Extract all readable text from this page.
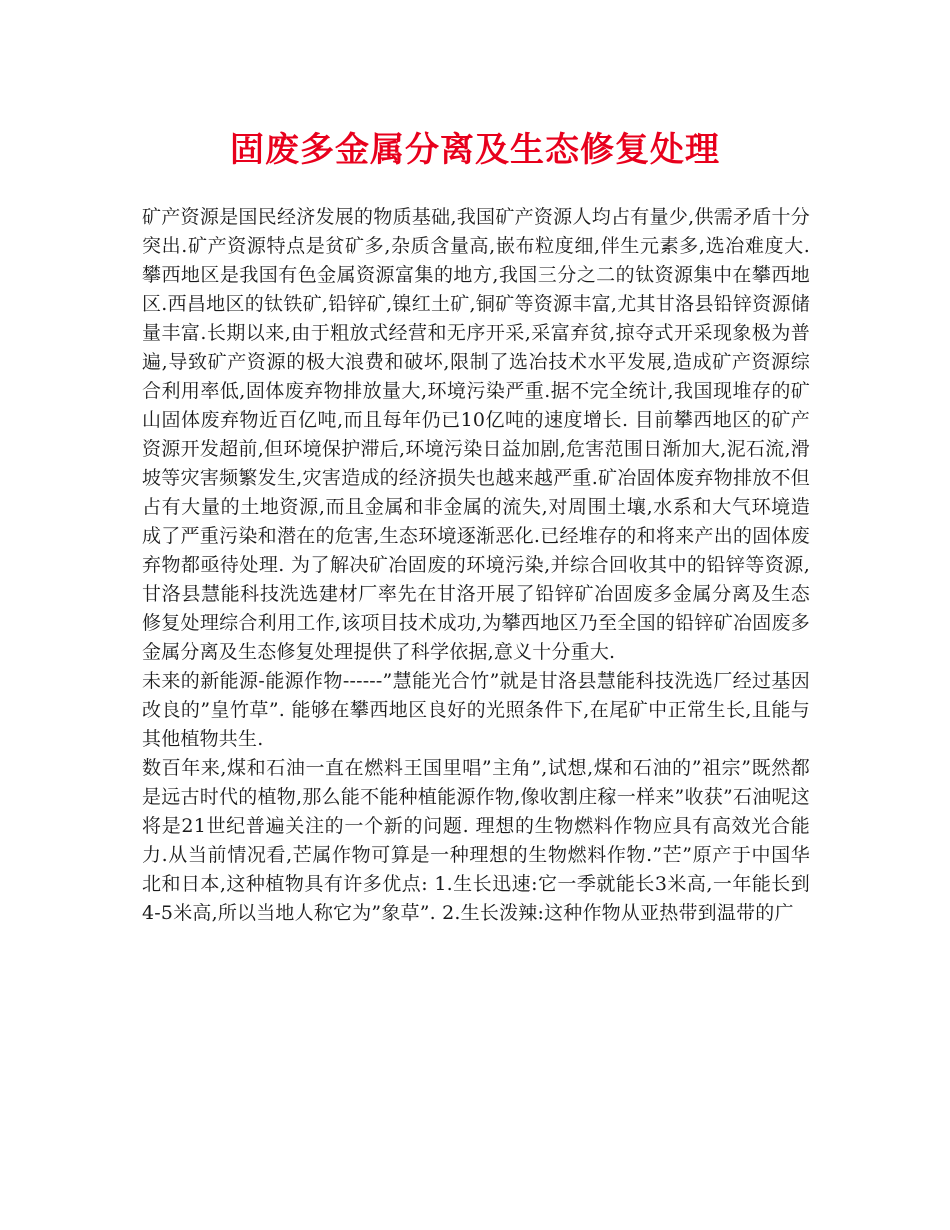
固废多金属分离及生态修复处理

矿产资源是国民经济发展的物质基础,我国矿产资源人均占有量少,供需矛盾十分突出.矿产资源特点是贫矿多,杂质含量高,嵌布粒度细,伴生元素多,选冶难度大. 攀西地区是我国有色金属资源富集的地方,我国三分之二的钛资源集中在攀西地区.西昌地区的钛铁矿,铅锌矿,镍红土矿,铜矿等资源丰富,尤其甘洛县铅锌资源储量丰富.长期以来,由于粗放式经营和无序开采,采富弃贫,掠夺式开采现象极为普遍,导致矿产资源的极大浪费和破坏,限制了选冶技术水平发展,造成矿产资源综合利用率低,固体废弃物排放量大,环境污染严重.据不完全统计,我国现堆存的矿山固体废弃物近百亿吨,而且每年仍已10亿吨的速度增长. 目前攀西地区的矿产资源开发超前,但环境保护滞后,环境污染日益加剧,危害范围日渐加大,泥石流,滑坡等灾害频繁发生,灾害造成的经济损失也越来越严重.矿冶固体废弃物排放不但占有大量的土地资源,而且金属和非金属的流失,对周围土壤,水系和大气环境造成了严重污染和潜在的危害,生态环境逐渐恶化.已经堆存的和将来产出的固体废弃物都亟待处理. 为了解决矿冶固废的环境污染,并综合回收其中的铅锌等资源,甘洛县慧能科技洗选建材厂率先在甘洛开展了铅锌矿冶固废多金属分离及生态修复处理综合利用工作,该项目技术成功,为攀西地区乃至全国的铅锌矿冶固废多金属分离及生态修复处理提供了科学依据,意义十分重大.

未来的新能源-能源作物------”慧能光合竹”就是甘洛县慧能科技洗选厂经过基因改良的”皇竹草”. 能够在攀西地区良好的光照条件下,在尾矿中正常生长,且能与其他植物共生.

数百年来,煤和石油一直在燃料王国里唱”主角”,试想,煤和石油的”祖宗”既然都是远古时代的植物,那么能不能种植能源作物,像收割庄稼一样来”收获”石油呢这将是21世纪普遍关注的一个新的问题. 理想的生物燃料作物应具有高效光合能力.从当前情况看,芒属作物可算是一种理想的生物燃料作物.”芒”原产于中国华北和日本,这种植物具有许多优点: 1.生长迅速:它一季就能长3米高,一年能长到4-5米高,所以当地人称它为”象草”. 2.生长泼辣:这种作物从亚热带到温带的广
